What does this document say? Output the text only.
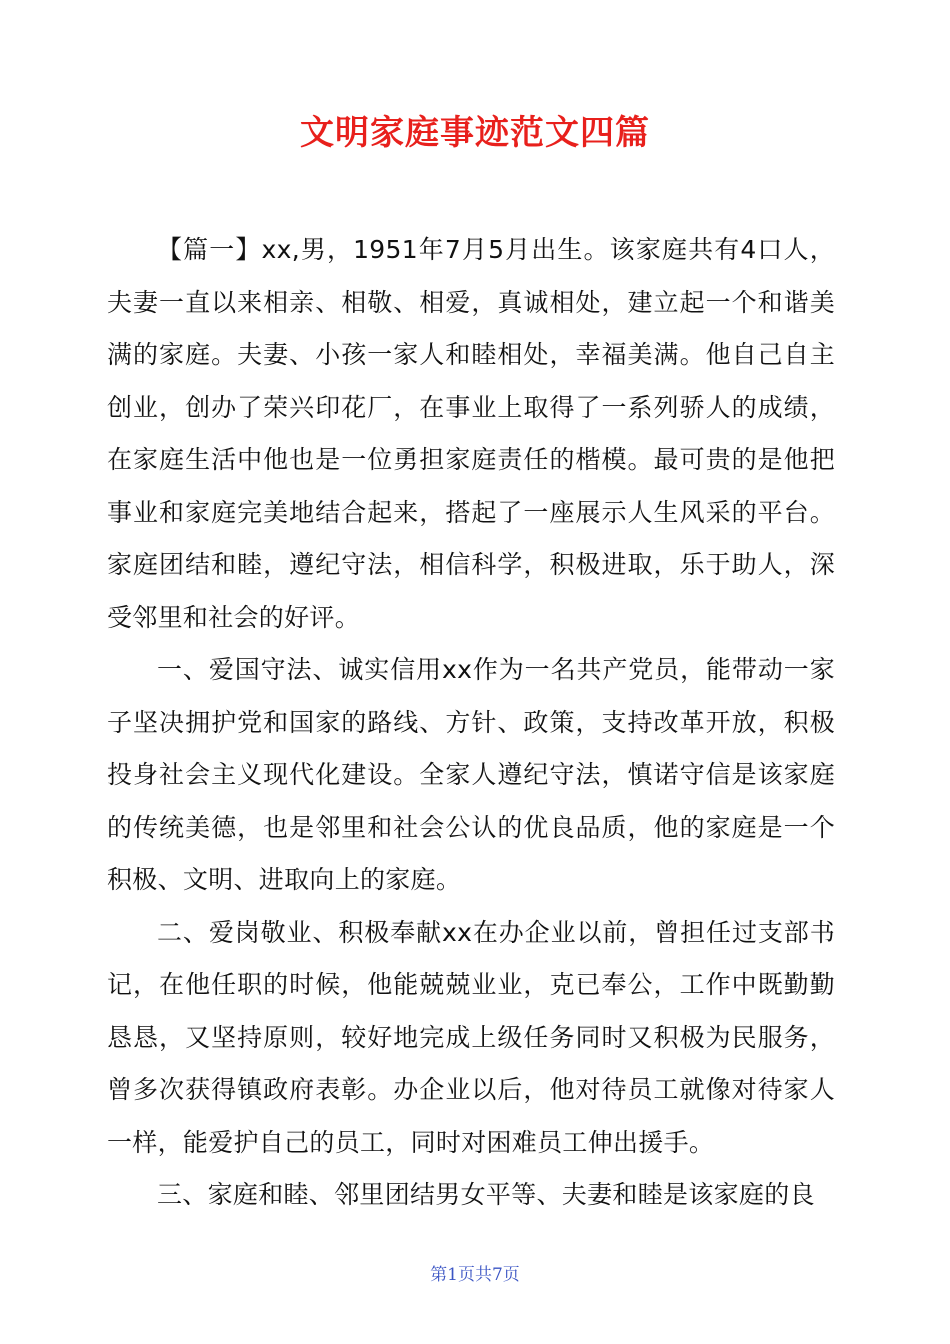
文明家庭事迹范文四篇

【篇一】xx,男，1951年7月5月出生。该家庭共有4口人，夫妻一直以来相亲、相敬、相爱，真诚相处，建立起一个和谐美满的家庭。夫妻、小孩一家人和睦相处，幸福美满。他自己自主创业，创办了荣兴印花厂，在事业上取得了一系列骄人的成绩，在家庭生活中他也是一位勇担家庭责任的楷模。最可贵的是他把事业和家庭完美地结合起来，搭起了一座展示人生风采的平台。家庭团结和睦，遵纪守法，相信科学，积极进取，乐于助人，深受邻里和社会的好评。

一、爱国守法、诚实信用xx作为一名共产党员，能带动一家子坚决拥护党和国家的路线、方针、政策，支持改革开放，积极投身社会主义现代化建设。全家人遵纪守法，慎诺守信是该家庭的传统美德，也是邻里和社会公认的优良品质，他的家庭是一个积极、文明、进取向上的家庭。

二、爱岗敬业、积极奉献xx在办企业以前，曾担任过支部书记，在他任职的时候，他能兢兢业业，克已奉公，工作中既勤勤恳恳，又坚持原则，较好地完成上级任务同时又积极为民服务，曾多次获得镇政府表彰。办企业以后，他对待员工就像对待家人一样，能爱护自己的员工，同时对困难员工伸出援手。

三、家庭和睦、邻里团结男女平等、夫妻和睦是该家庭的良

第1页共7页
